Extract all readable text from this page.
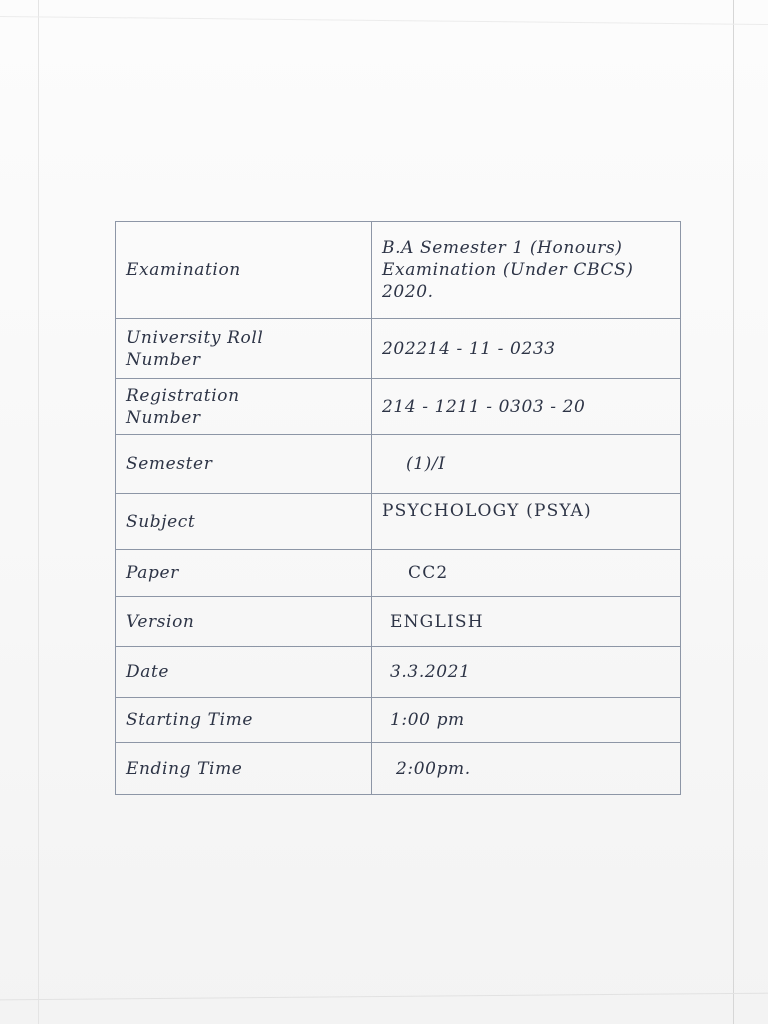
Examination	B.A Semester 1 (Honours)
Examination (Under CBCS)
2020.

University Roll
Number	202214 - 11 - 0233

Registration
Number	214 - 1211 - 0303 - 20

Semester	(1)/I

Subject	PSYCHOLOGY (PSYA)

Paper	CC2

Version	ENGLISH

Date	3.3.2021

Starting Time	1:00 pm

Ending Time	2:00pm.
